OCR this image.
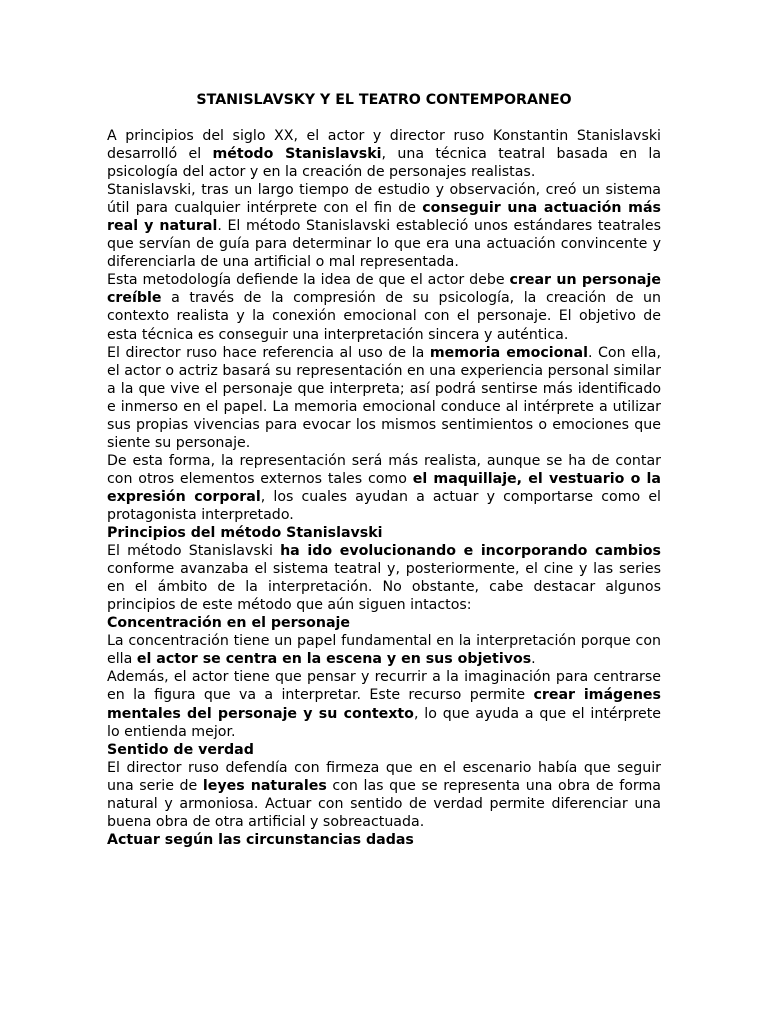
STANISLAVSKY Y EL TEATRO CONTEMPORANEO
A principios del siglo XX, el actor y director ruso Konstantin Stanislavski desarrolló el método Stanislavski, una técnica teatral basada en la psicología del actor y en la creación de personajes realistas.
Stanislavski, tras un largo tiempo de estudio y observación, creó un sistema útil para cualquier intérprete con el fin de conseguir una actuación más real y natural. El método Stanislavski estableció unos estándares teatrales que servían de guía para determinar lo que era una actuación convincente y diferenciarla de una artificial o mal representada.
Esta metodología defiende la idea de que el actor debe crear un personaje creíble a través de la compresión de su psicología, la creación de un contexto realista y la conexión emocional con el personaje. El objetivo de esta técnica es conseguir una interpretación sincera y auténtica.
El director ruso hace referencia al uso de la memoria emocional. Con ella, el actor o actriz basará su representación en una experiencia personal similar a la que vive el personaje que interpreta; así podrá sentirse más identificado e inmerso en el papel. La memoria emocional conduce al intérprete a utilizar sus propias vivencias para evocar los mismos sentimientos o emociones que siente su personaje.
De esta forma, la representación será más realista, aunque se ha de contar con otros elementos externos tales como el maquillaje, el vestuario o la expresión corporal, los cuales ayudan a actuar y comportarse como el protagonista interpretado.
Principios del método Stanislavski
El método Stanislavski ha ido evolucionando e incorporando cambios conforme avanzaba el sistema teatral y, posteriormente, el cine y las series en el ámbito de la interpretación. No obstante, cabe destacar algunos principios de este método que aún siguen intactos:
Concentración en el personaje
La concentración tiene un papel fundamental en la interpretación porque con ella el actor se centra en la escena y en sus objetivos.
Además, el actor tiene que pensar y recurrir a la imaginación para centrarse en la figura que va a interpretar. Este recurso permite crear imágenes mentales del personaje y su contexto, lo que ayuda a que el intérprete lo entienda mejor.
Sentido de verdad
El director ruso defendía con firmeza que en el escenario había que seguir una serie de leyes naturales con las que se representa una obra de forma natural y armoniosa. Actuar con sentido de verdad permite diferenciar una buena obra de otra artificial y sobreactuada.
Actuar según las circunstancias dadas
